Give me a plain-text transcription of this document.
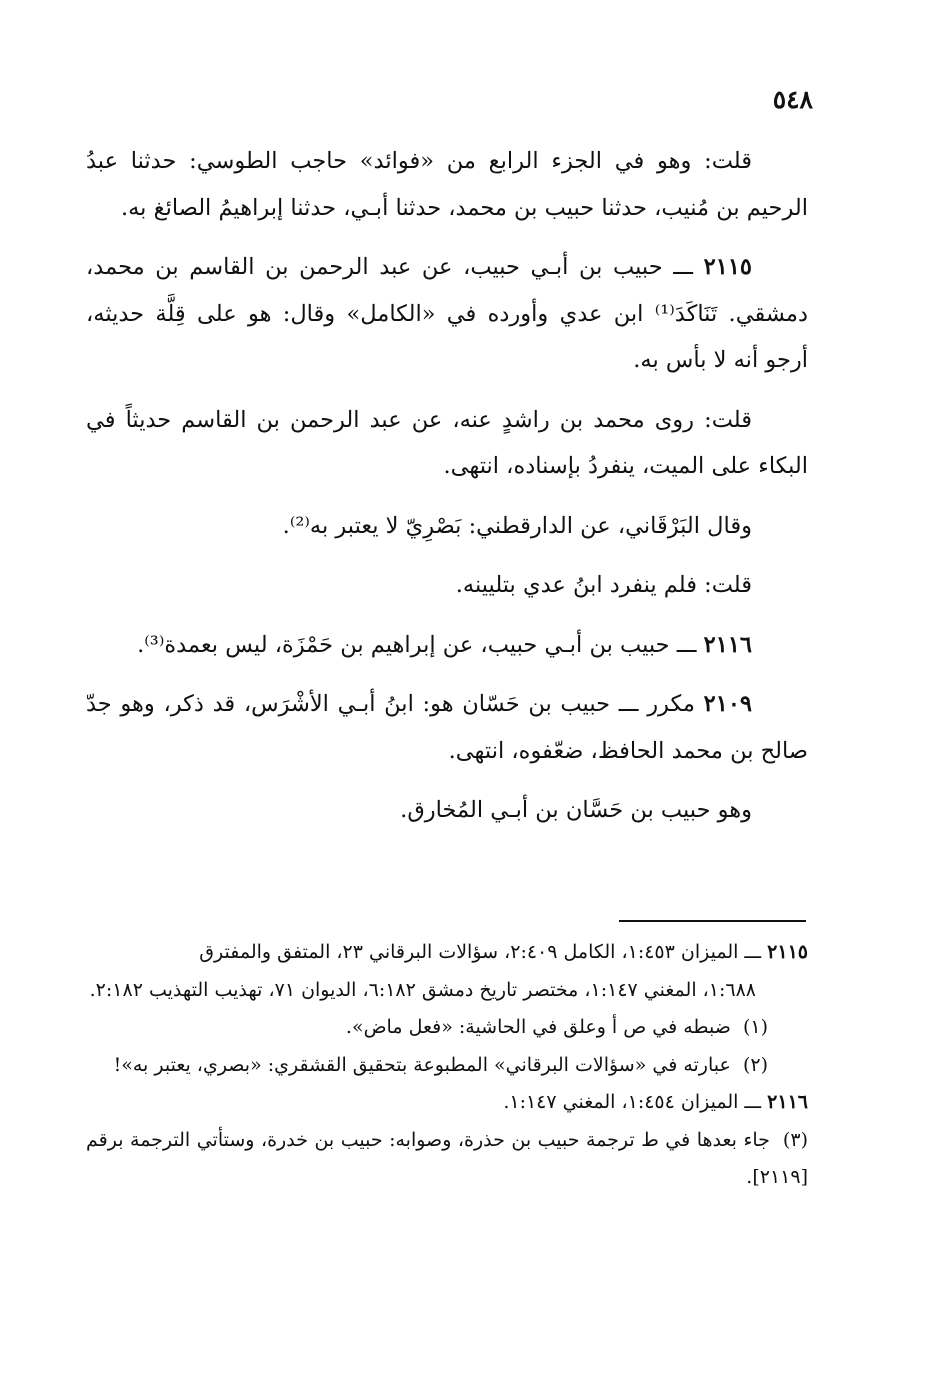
٥٤٨

قلت: وهو في الجزء الرابع من «فوائد» حاجب الطوسي: حدثنا عبدُ الرحيم بن مُنيب، حدثنا حبيب بن محمد، حدثنا أبـي، حدثنا إبراهيمُ الصائغ به.

٢١١٥ ـــ حبيب بن أبـي حبيب، عن عبد الرحمن بن القاسم بن محمد، دمشقي. تَنَاكَدَ⁽¹⁾ ابن عدي وأورده في «الكامل» وقال: هو على قِلَّة حديثه، أرجو أنه لا بأس به.

قلت: روى محمد بن راشدٍ عنه، عن عبد الرحمن بن القاسم حديثاً في البكاء على الميت، ينفردُ بإسناده، انتهى.

وقال البَرْقَاني، عن الدارقطني: بَصْرِيّ لا يعتبر به⁽²⁾.

قلت: فلم ينفرد ابنُ عدي بتليينه.

٢١١٦ ـــ حبيب بن أبـي حبيب، عن إبراهيم بن حَمْزَة، ليس بعمدة⁽³⁾.

٢١٠٩ مكرر ـــ حبيب بن حَسّان هو: ابنُ أبـي الأشْرَس، قد ذكر، وهو جدّ صالح بن محمد الحافظ، ضعّفوه، انتهى.

وهو حبيب بن حَسَّان بن أبـي المُخارق.

٢١١٥ ـــ الميزان ١:٤٥٣، الكامل ٢:٤٠٩، سؤالات البرقاني ٢٣، المتفق والمفترق
١:٦٨٨، المغني ١:١٤٧، مختصر تاريخ دمشق ٦:١٨٢، الديوان ٧١، تهذيب التهذيب ٢:١٨٢.

(١)  ضبطه في ص أ وعلق في الحاشية: «فعل ماض».

(٢)  عبارته في «سؤالات البرقاني» المطبوعة بتحقيق القشقري: «بصري، يعتبر به»!

٢١١٦ ـــ الميزان ١:٤٥٤، المغني ١:١٤٧.

(٣)  جاء بعدها في ط ترجمة حبيب بن حذرة، وصوابه: حبيب بن خدرة، وستأتي الترجمة برقم [٢١١٩].
